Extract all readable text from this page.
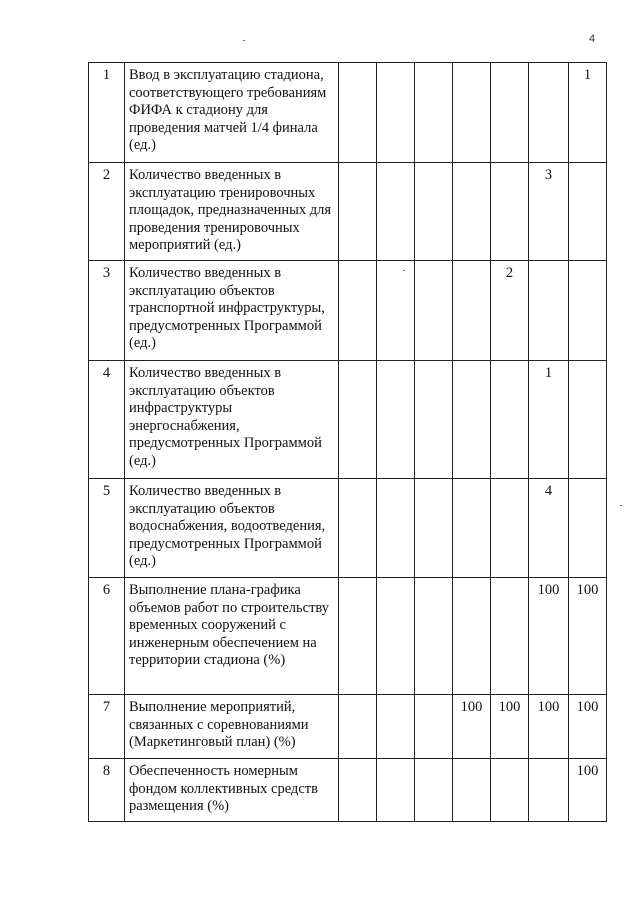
4
1	Ввод в эксплуатацию стадиона, соответствующего требованиям ФИФА к стадиону для проведения матчей 1/4 финала (ед.)							1
2	Количество введенных в эксплуатацию тренировочных площадок, предназначенных для проведения тренировочных мероприятий (ед.)						3	
3	Количество введенных в эксплуатацию объектов транспортной инфраструктуры, предусмотренных Программой (ед.)					2		
4	Количество введенных в эксплуатацию объектов инфраструктуры энергоснабжения, предусмотренных Программой (ед.)						1	
5	Количество введенных в эксплуатацию объектов водоснабжения, водоотведения, предусмотренных Программой (ед.)						4	
6	Выполнение плана-графика объемов работ по строительству временных сооружений с инженерным обеспечением на территории стадиона (%)						100	100
7	Выполнение мероприятий, связанных с соревнованиями (Маркетинговый план) (%)				100	100	100	100
8	Обеспеченность номерным фондом коллективных средств размещения (%)							100
